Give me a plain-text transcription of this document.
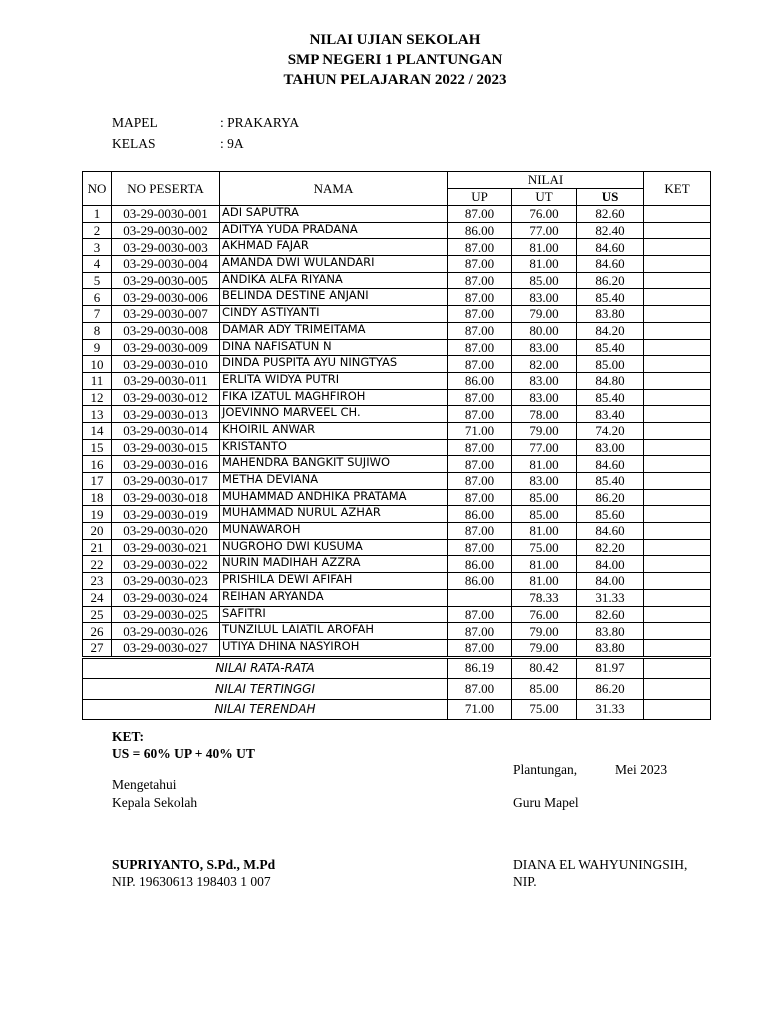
NILAI UJIAN SEKOLAH
SMP NEGERI 1 PLANTUNGAN
TAHUN PELAJARAN 2022 / 2023
MAPEL	: PRAKARYA
KELAS	: 9A
NO	NO PESERTA	NAMA	NILAI			KET
			UP	UT	US	
1	03-29-0030-001	ADI SAPUTRA	87.00	76.00	82.60	
2	03-29-0030-002	ADITYA YUDA PRADANA	86.00	77.00	82.40	
3	03-29-0030-003	AKHMAD FAJAR	87.00	81.00	84.60	
4	03-29-0030-004	AMANDA DWI WULANDARI	87.00	81.00	84.60	
5	03-29-0030-005	ANDIKA ALFA RIYANA	87.00	85.00	86.20	
6	03-29-0030-006	BELINDA DESTINE ANJANI	87.00	83.00	85.40	
7	03-29-0030-007	CINDY ASTIYANTI	87.00	79.00	83.80	
8	03-29-0030-008	DAMAR ADY TRIMEITAMA	87.00	80.00	84.20	
9	03-29-0030-009	DINA NAFISATUN N	87.00	83.00	85.40	
10	03-29-0030-010	DINDA PUSPITA AYU NINGTYAS	87.00	82.00	85.00	
11	03-29-0030-011	ERLITA WIDYA PUTRI	86.00	83.00	84.80	
12	03-29-0030-012	FIKA IZATUL MAGHFIROH	87.00	83.00	85.40	
13	03-29-0030-013	JOEVINNO MARVEEL CH.	87.00	78.00	83.40	
14	03-29-0030-014	KHOIRIL ANWAR	71.00	79.00	74.20	
15	03-29-0030-015	KRISTANTO	87.00	77.00	83.00	
16	03-29-0030-016	MAHENDRA BANGKIT SUJIWO	87.00	81.00	84.60	
17	03-29-0030-017	METHA DEVIANA	87.00	83.00	85.40	
18	03-29-0030-018	MUHAMMAD ANDHIKA PRATAMA	87.00	85.00	86.20	
19	03-29-0030-019	MUHAMMAD NURUL AZHAR	86.00	85.00	85.60	
20	03-29-0030-020	MUNAWAROH	87.00	81.00	84.60	
21	03-29-0030-021	NUGROHO DWI KUSUMA	87.00	75.00	82.20	
22	03-29-0030-022	NURIN MADIHAH AZZRA	86.00	81.00	84.00	
23	03-29-0030-023	PRISHILA DEWI AFIFAH	86.00	81.00	84.00	
24	03-29-0030-024	REIHAN ARYANDA		78.33	31.33	
25	03-29-0030-025	SAFITRI	87.00	76.00	82.60	
26	03-29-0030-026	TUNZILUL LAIATIL AROFAH	87.00	79.00	83.80	
27	03-29-0030-027	UTIYA DHINA NASYIROH	87.00	79.00	83.80	
NILAI RATA-RATA			86.19	80.42	81.97	
NILAI TERTINGGI			87.00	85.00	86.20	
NILAI TERENDAH			71.00	75.00	31.33	
KET:
US = 60% UP + 40% UT
Plantungan,	Mei 2023
Mengetahui
Kepala Sekolah	Guru Mapel
SUPRIYANTO, S.Pd., M.Pd
NIP. 19630613 198403 1 007
DIANA EL WAHYUNINGSIH,
NIP.
